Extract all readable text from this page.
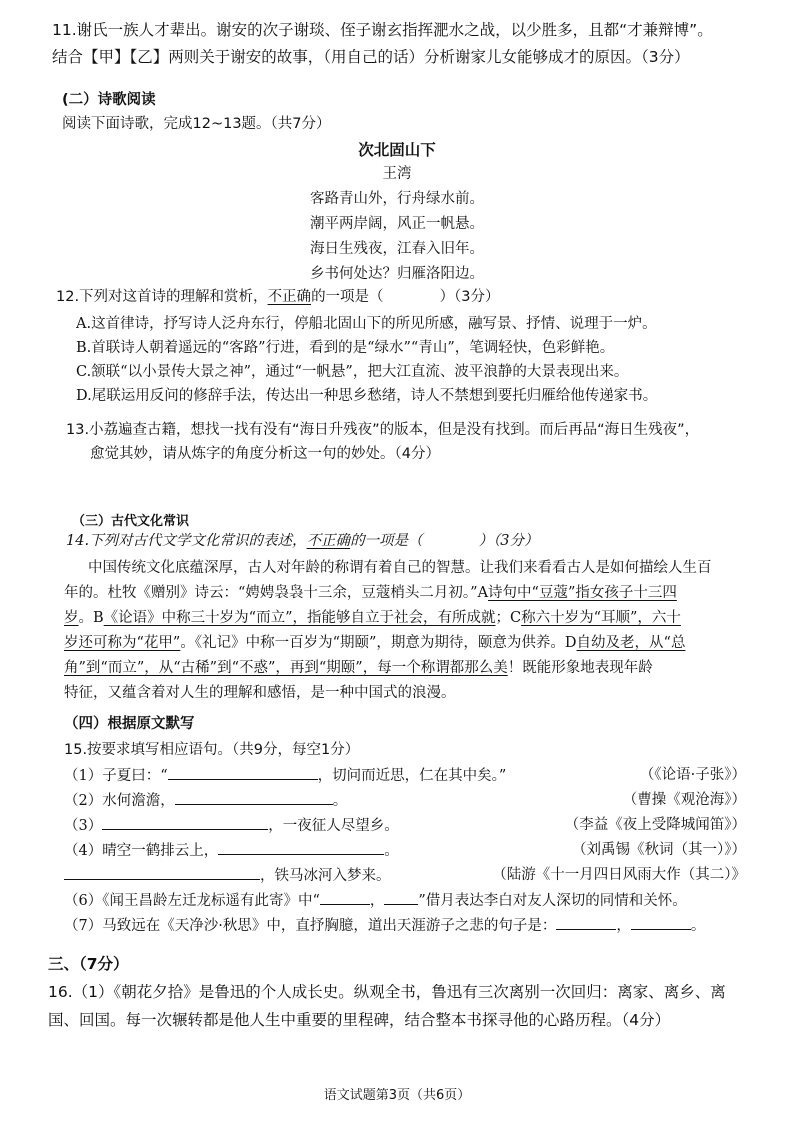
11.谢氏一族人才辈出。谢安的次子谢琰、侄子谢玄指挥淝水之战，以少胜多，且都“才兼辩博”。
结合【甲】【乙】两则关于谢安的故事，（用自己的话）分析谢家儿女能够成才的原因。（3分）
(二）诗歌阅读
阅读下面诗歌，完成12~13题。（共7分）
次北固山下
王湾
客路青山外，行舟绿水前。
潮平两岸阔，风正一帆悬。
海日生残夜，江春入旧年。
乡书何处达？归雁洛阳边。
12.下列对这首诗的理解和赏析，不正确的一项是（	）（3分）
A.这首律诗，抒写诗人泛舟东行，停船北固山下的所见所感，融写景、抒情、说理于一炉。
B.首联诗人朝着遥远的“客路”行进，看到的是“绿水”“青山”，笔调轻快，色彩鲜艳。
C.颔联“以小景传大景之神”，通过“一帆悬”，把大江直流、波平浪静的大景表现出来。
D.尾联运用反问的修辞手法，传达出一种思乡愁绪，诗人不禁想到要托归雁给他传递家书。
13.小荔遍查古籍，想找一找有没有“海日升残夜”的版本，但是没有找到。而后再品“海日生残夜”，
愈觉其妙，请从炼字的角度分析这一句的妙处。（4分）
（三）古代文化常识
14.下列对古代文学文化常识的表述，不正确的一项是（	）（3分）
中国传统文化底蕴深厚，古人对年龄的称谓有着自己的智慧。让我们来看看古人是如何描绘人生百
年的。杜牧《赠别》诗云：“娉娉袅袅十三余，豆蔻梢头二月初。”A诗句中“豆蔻”指女孩子十三四
岁。B《论语》中称三十岁为“而立”，指能够自立于社会，有所成就；C称六十岁为“耳顺”，六十
岁还可称为“花甲”。《礼记》中称一百岁为“期颐”，期意为期待，颐意为供养。D自幼及老，从“总
角”到“而立”，从“古稀”到“不惑”，再到“期颐”，每一个称谓都那么美！既能形象地表现年龄
特征，又蕴含着对人生的理解和感悟，是一种中国式的浪漫。
（四）根据原文默写
15.按要求填写相应语句。（共9分，每空1分）
（1）子夏曰：“	，切问而近思，仁在其中矣。”	（《论语·子张》）
（2）水何澹澹，	。	（曹操《观沧海》）
（3）	，一夜征人尽望乡。	（李益《夜上受降城闻笛》）
（4）晴空一鹤排云上，	。	（刘禹锡《秋词（其一）》）
，铁马冰河入梦来。	（陆游《十一月四日风雨大作（其二）》
（6）《闻王昌龄左迁龙标遥有此寄》中“	， ”借月表达李白对友人深切的同情和关怀。
（7）马致远在《天净沙·秋思》中，直抒胸臆，道出天涯游子之悲的句子是：	，	。
三、（7分）
16.（1）《朝花夕拾》是鲁迅的个人成长史。纵观全书，鲁迅有三次离别一次回归：离家、离乡、离
国、回国。每一次辗转都是他人生中重要的里程碑，结合整本书探寻他的心路历程。（4分）
语文试题第3页（共6页）
